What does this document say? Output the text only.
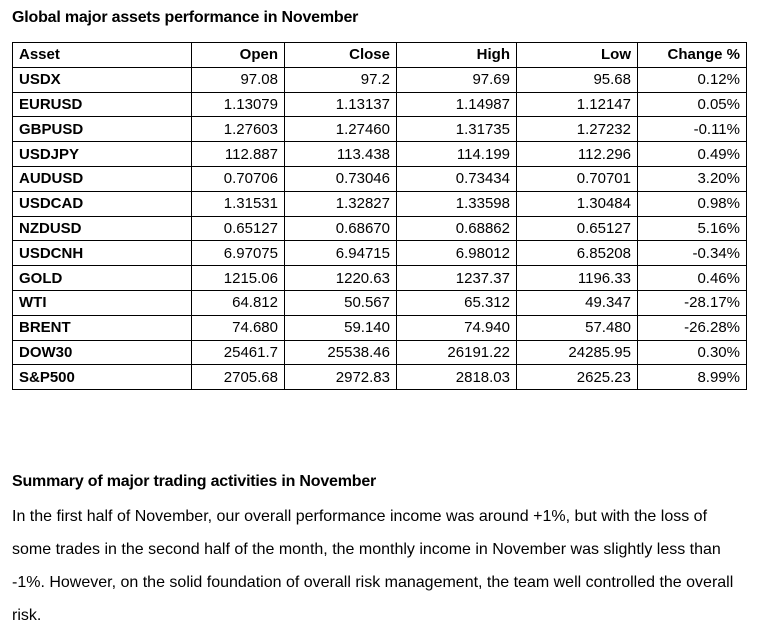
Global major assets performance in November
Asset	Open	Close	High	Low	Change %
USDX	97.08	97.2	97.69	95.68	0.12%
EURUSD	1.13079	1.13137	1.14987	1.12147	0.05%
GBPUSD	1.27603	1.27460	1.31735	1.27232	-0.11%
USDJPY	112.887	113.438	114.199	112.296	0.49%
AUDUSD	0.70706	0.73046	0.73434	0.70701	3.20%
USDCAD	1.31531	1.32827	1.33598	1.30484	0.98%
NZDUSD	0.65127	0.68670	0.68862	0.65127	5.16%
USDCNH	6.97075	6.94715	6.98012	6.85208	-0.34%
GOLD	1215.06	1220.63	1237.37	1196.33	0.46%
WTI	64.812	50.567	65.312	49.347	-28.17%
BRENT	74.680	59.140	74.940	57.480	-26.28%
DOW30	25461.7	25538.46	26191.22	24285.95	0.30%
S&P500	2705.68	2972.83	2818.03	2625.23	8.99%
Summary of major trading activities in November
In the first half of November, our overall performance income was around +1%, but with the loss of some trades in the second half of the month, the monthly income in November was slightly less than -1%. However, on the solid foundation of overall risk management, the team well controlled the overall risk.
